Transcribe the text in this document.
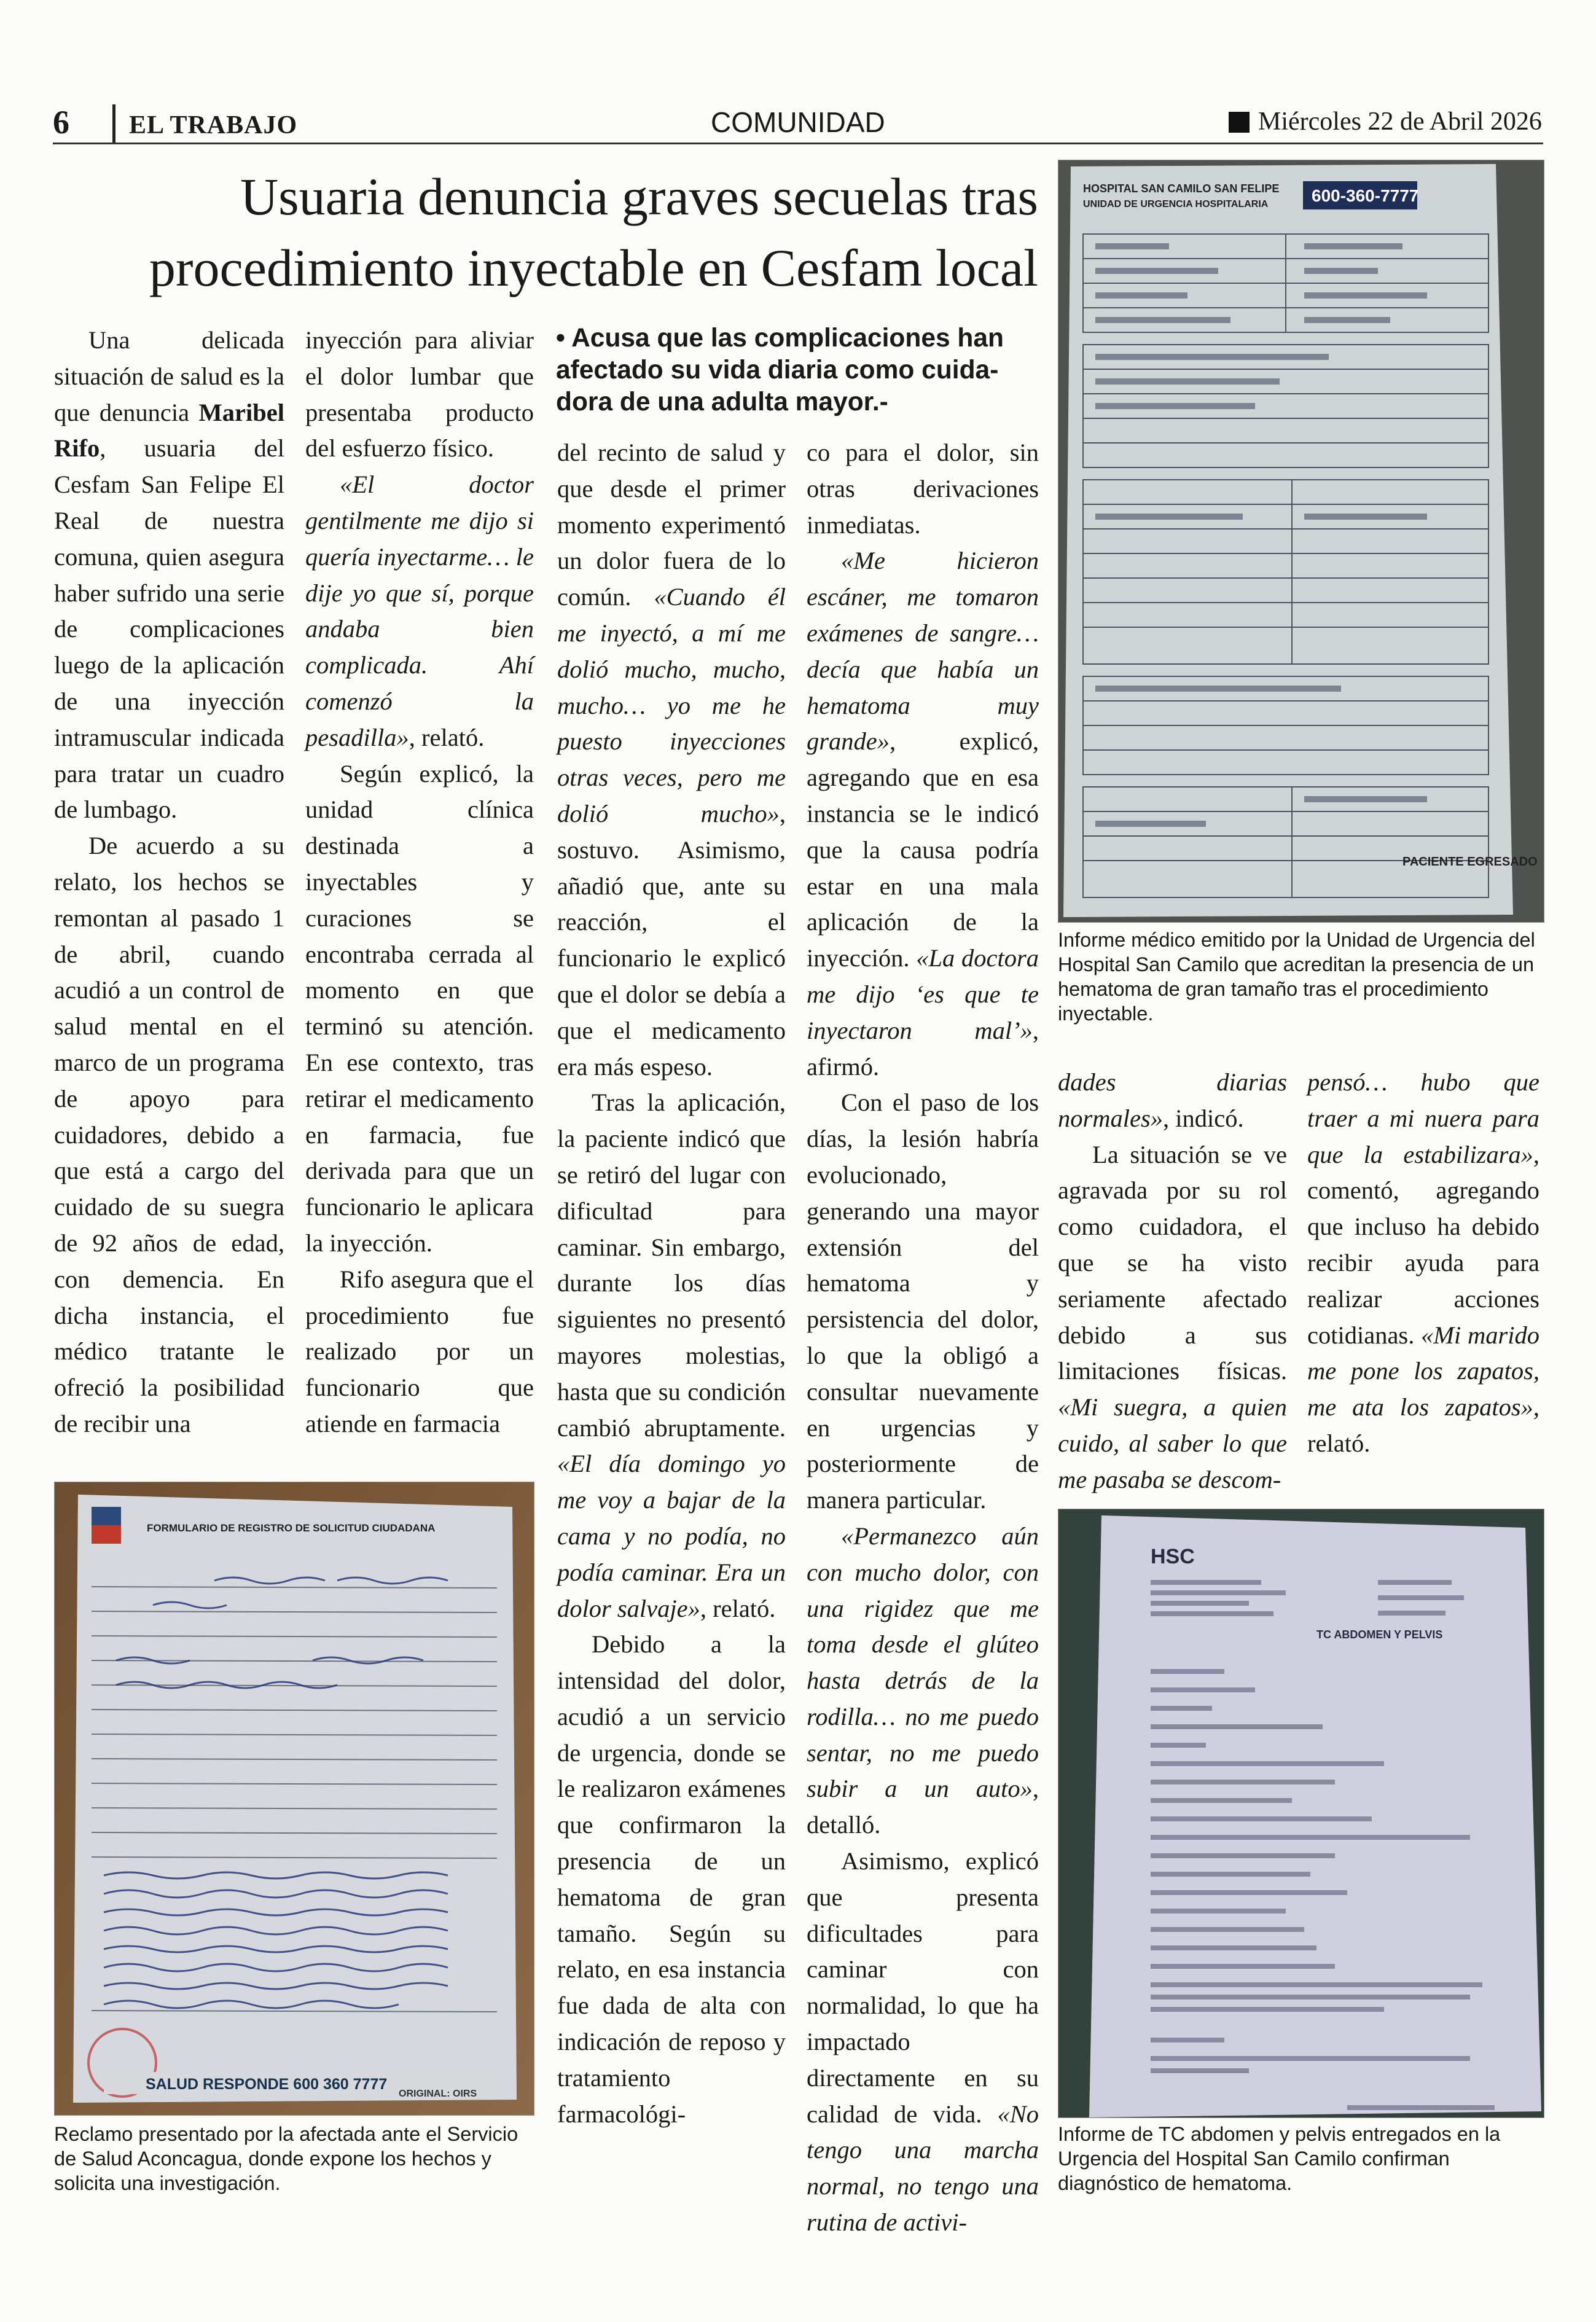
6 EL TRABAJO	COMUNIDAD	Miércoles 22 de Abril 2026
Usuaria denuncia graves secuelas tras procedimiento inyectable en Cesfam local
• Acusa que las complicaciones han afectado su vida diaria como cuida-dora de una adulta mayor.-

Una delicada situación de salud es la que denuncia Maribel Rifo, usuaria del Cesfam San Felipe El Real de nuestra comuna, quien asegura haber sufrido una serie de complicaciones luego de la aplicación de una inyección intramuscular indicada para tratar un cuadro de lumbago.

De acuerdo a su relato, los hechos se remontan al pasado 1 de abril, cuando acudió a un control de salud mental en el marco de un programa de apoyo para cuidadores, debido a que está a cargo del cuidado de su suegra de 92 años de edad, con demencia. En dicha instancia, el médico tratante le ofreció la posibilidad de recibir una

inyección para aliviar el dolor lumbar que presentaba producto del esfuerzo físico.

«El doctor gentilmente me dijo si quería inyectarme… le dije yo que sí, porque andaba bien complicada. Ahí comenzó la pesadilla», relató.

Según explicó, la unidad clínica destinada a inyectables y curaciones se encontraba cerrada al momento en que terminó su atención. En ese contexto, tras retirar el medicamento en farmacia, fue derivada para que un funcionario le aplicara la inyección.

Rifo asegura que el procedimiento fue realizado por un funcionario que atiende en farmacia

del recinto de salud y que desde el primer momento experimentó un dolor fuera de lo común. «Cuando él me inyectó, a mí me dolió mucho, mucho, mucho… yo me he puesto inyecciones otras veces, pero me dolió mucho», sostuvo. Asimismo, añadió que, ante su reacción, el funcionario le explicó que el dolor se debía a que el medicamento era más espeso.

Tras la aplicación, la paciente indicó que se retiró del lugar con dificultad para caminar. Sin embargo, durante los días siguientes no presentó mayores molestias, hasta que su condición cambió abruptamente. «El día domingo yo me voy a bajar de la cama y no podía, no podía caminar. Era un dolor salvaje», relató.

Debido a la intensidad del dolor, acudió a un servicio de urgencia, donde se le realizaron exámenes que confirmaron la presencia de un hematoma de gran tamaño. Según su relato, en esa instancia fue dada de alta con indicación de reposo y tratamiento farmacológi-

co para el dolor, sin otras derivaciones inmediatas.

«Me hicieron escáner, me tomaron exámenes de sangre… decía que había un hematoma muy grande», explicó, agregando que en esa instancia se le indicó que la causa podría estar en una mala aplicación de la inyección. «La doctora me dijo ‘es que te inyectaron mal’», afirmó.

Con el paso de los días, la lesión habría evolucionado, generando una mayor extensión del hematoma y persistencia del dolor, lo que la obligó a consultar nuevamente en urgencias y posteriormente de manera particular.

«Permanezco aún con mucho dolor, con una rigidez que me toma desde el glúteo hasta detrás de la rodilla… no me puedo sentar, no me puedo subir a un auto», detalló.

Asimismo, explicó que presenta dificultades para caminar con normalidad, lo que ha impactado directamente en su calidad de vida. «No tengo una marcha normal, no tengo una rutina de activi-

dades diarias normales», indicó.

La situación se ve agravada por su rol como cuidadora, el que se ha visto seriamente afectado debido a sus limitaciones físicas. «Mi suegra, a quien cuido, al saber lo que me pasaba se descom-

pensó… hubo que traer a mi nuera para que la estabilizara», comentó, agregando que incluso ha debido recibir ayuda para realizar acciones cotidianas. «Mi marido me pone los zapatos, me ata los zapatos», relató.

SALUD RESPONDE 600 360 7777
ORIGINAL: OIRS
FORMULARIO DE REGISTRO DE SOLICITUD CIUDADANA
HOSPITAL SAN CAMILO SAN FELIPE
UNIDAD DE URGENCIA HOSPITALARIA	600-360-7777
PACIENTE EGRESADO
HSC
TC ABDOMEN Y PELVIS
Reclamo presentado por la afectada ante el Servicio de Salud Aconcagua, donde expone los hechos y solicita una investigación.
Informe médico emitido por la Unidad de Urgencia del Hospital San Camilo que acreditan la presencia de un hematoma de gran tamaño tras el procedimiento inyectable.
Informe de TC abdomen y pelvis entregados en la Urgencia del Hospital San Camilo confirman diagnóstico de hematoma.
